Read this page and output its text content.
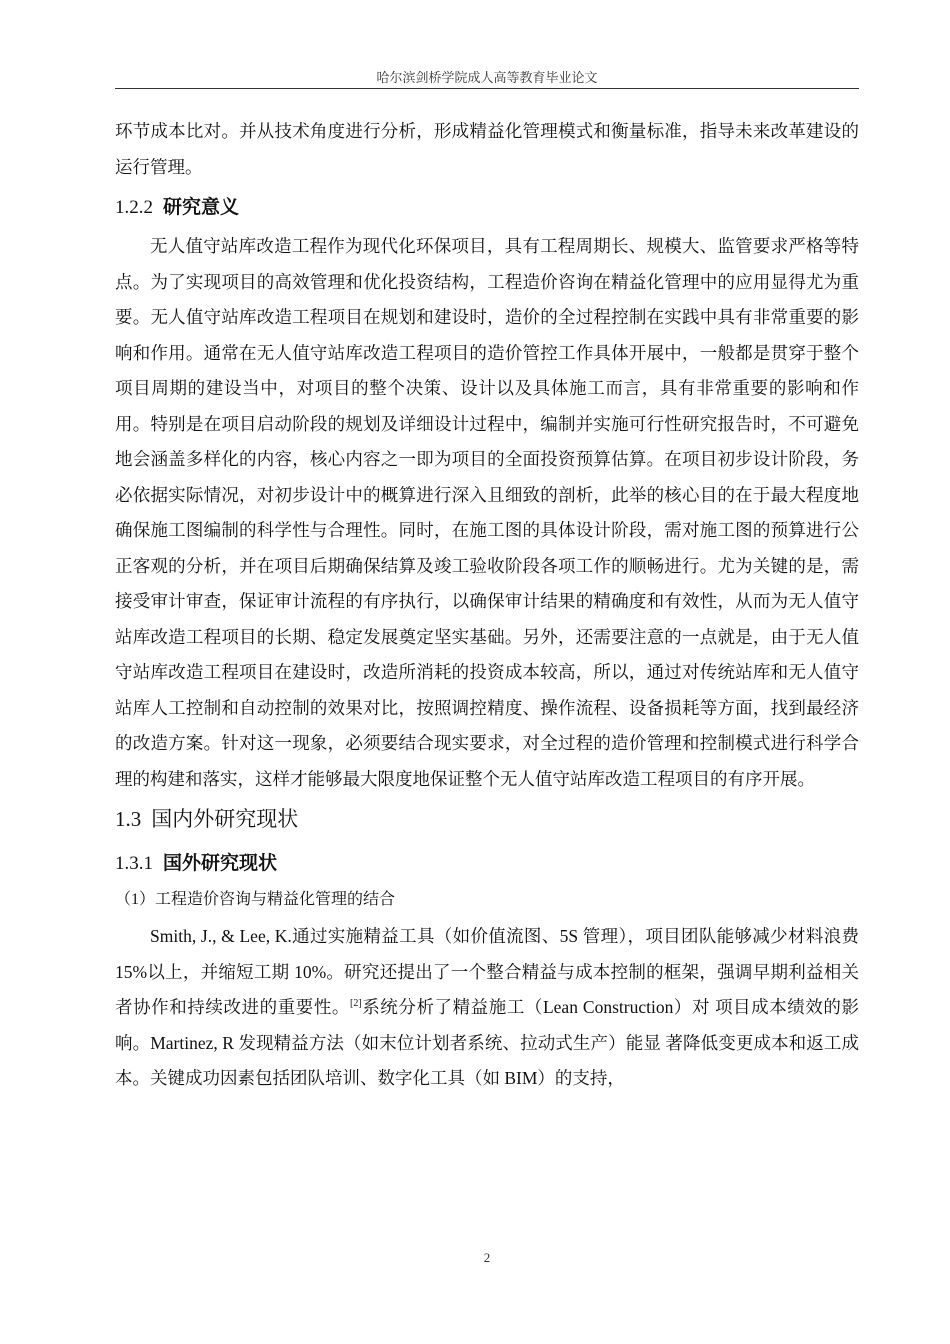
哈尔滨剑桥学院成人高等教育毕业论文

环节成本比对。并从技术角度进行分析，形成精益化管理模式和衡量标准，指导未来改革建设的运行管理。

1.2.2 研究意义

无人值守站库改造工程作为现代化环保项目，具有工程周期长、规模大、监管要求严格等特点。为了实现项目的高效管理和优化投资结构，工程造价咨询在精益化管理中的应用显得尤为重要。无人值守站库改造工程项目在规划和建设时，造价的全过程控制在实践中具有非常重要的影响和作用。通常在无人值守站库改造工程项目的造价管控工作具体开展中，一般都是贯穿于整个项目周期的建设当中，对项目的整个决策、设计以及具体施工而言，具有非常重要的影响和作用。特别是在项目启动阶段的规划及详细设计过程中，编制并实施可行性研究报告时，不可避免地会涵盖多样化的内容，核心内容之一即为项目的全面投资预算估算。在项目初步设计阶段，务必依据实际情况，对初步设计中的概算进行深入且细致的剖析，此举的核心目的在于最大程度地确保施工图编制的科学性与合理性。同时，在施工图的具体设计阶段，需对施工图的预算进行公正客观的分析，并在项目后期确保结算及竣工验收阶段各项工作的顺畅进行。尤为关键的是，需接受审计审查，保证审计流程的有序执行，以确保审计结果的精确度和有效性，从而为无人值守站库改造工程项目的长期、稳定发展奠定坚实基础。另外，还需要注意的一点就是，由于无人值守站库改造工程项目在建设时，改造所消耗的投资成本较高，所以，通过对传统站库和无人值守站库人工控制和自动控制的效果对比，按照调控精度、操作流程、设备损耗等方面，找到最经济的改造方案。针对这一现象，必须要结合现实要求，对全过程的造价管理和控制模式进行科学合理的构建和落实，这样才能够最大限度地保证整个无人值守站库改造工程项目的有序开展。

1.3 国内外研究现状
1.3.1 国外研究现状
（1）工程造价咨询与精益化管理的结合

Smith, J., & Lee, K.通过实施精益工具（如价值流图、5S 管理），项目团队能够减少材料浪费 15%以上，并缩短工期 10%。研究还提出了一个整合精益与成本控制的框架，强调早期利益相关者协作和持续改进的重要性。[2]系统分析了精益施工（Lean Construction）对 项目成本绩效的影响。Martinez, R 发现精益方法（如末位计划者系统、拉动式生产）能显 著降低变更成本和返工成本。关键成功因素包括团队培训、数字化工具（如 BIM）的支持，

2
